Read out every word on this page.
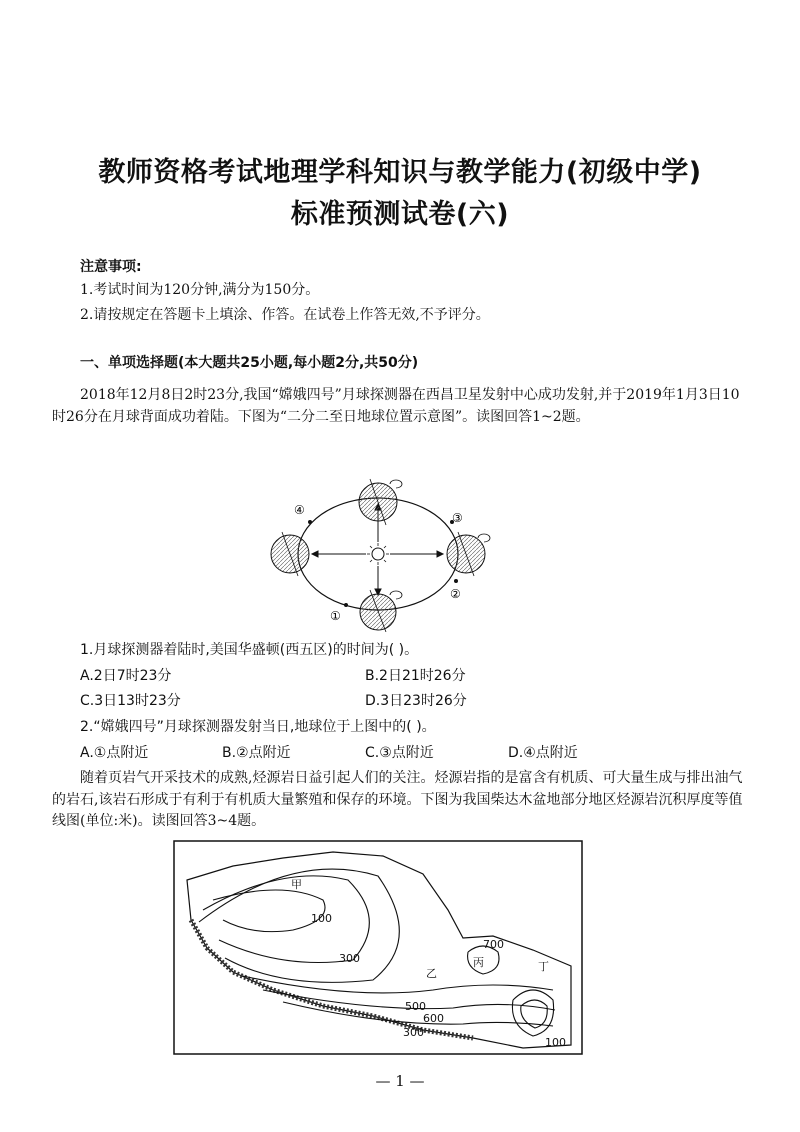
教师资格考试地理学科知识与教学能力(初级中学)
标准预测试卷(六)
注意事项:
1.考试时间为120分钟,满分为150分。
2.请按规定在答题卡上填涂、作答。在试卷上作答无效,不予评分。
一、单项选择题(本大题共25小题,每小题2分,共50分)
2018年12月8日2时23分,我国“嫦娥四号”月球探测器在西昌卫星发射中心成功发射,并于2019年1月3日10时26分在月球背面成功着陆。下图为“二分二至日地球位置示意图”。读图回答1~2题。
①
②
③
④
1.月球探测器着陆时,美国华盛顿(西五区)的时间为( )。
A.2日7时23分	B.2日21时26分
C.3日13时23分	D.3日23时26分
2.“嫦娥四号”月球探测器发射当日,地球位于上图中的( )。
A.①点附近	B.②点附近	C.③点附近	D.④点附近
随着页岩气开采技术的成熟,烃源岩日益引起人们的关注。烃源岩指的是富含有机质、可大量生成与排出油气的岩石,该岩石形成于有利于有机质大量繁殖和保存的环境。下图为我国柴达木盆地部分地区烃源岩沉积厚度等值线图(单位:米)。读图回答3~4题。
甲
乙
丙	丁
100
300
500
600
700
300
100
— 1 —
